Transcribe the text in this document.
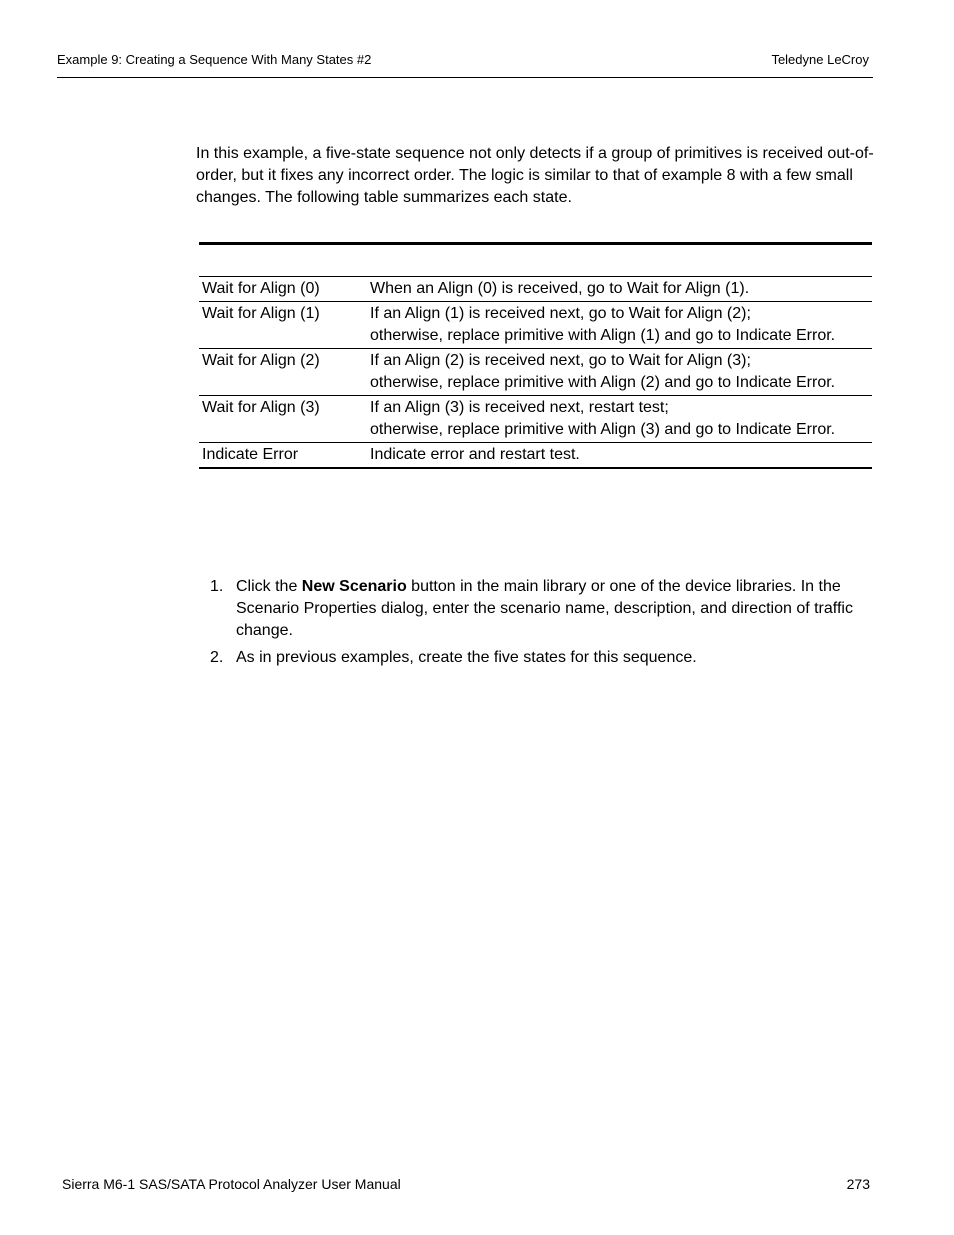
Example 9: Creating a Sequence With Many States #2	Teledyne LeCroy

In this example, a five-state sequence not only detects if a group of primitives is received out-of-order, but it fixes any incorrect order. The logic is similar to that of example 8 with a few small changes. The following table summarizes each state.

Wait for Align (0)	When an Align (0) is received, go to Wait for Align (1).
Wait for Align (1)	If an Align (1) is received next, go to Wait for Align (2);
otherwise, replace primitive with Align (1) and go to Indicate Error.
Wait for Align (2)	If an Align (2) is received next, go to Wait for Align (3);
otherwise, replace primitive with Align (2) and go to Indicate Error.
Wait for Align (3)	If an Align (3) is received next, restart test;
otherwise, replace primitive with Align (3) and go to Indicate Error.
Indicate Error	Indicate error and restart test.
1. Click the New Scenario button in the main library or one of the device libraries. In the Scenario Properties dialog, enter the scenario name, description, and direction of traffic change.
2. As in previous examples, create the five states for this sequence.
Sierra M6-1 SAS/SATA Protocol Analyzer User Manual	273
